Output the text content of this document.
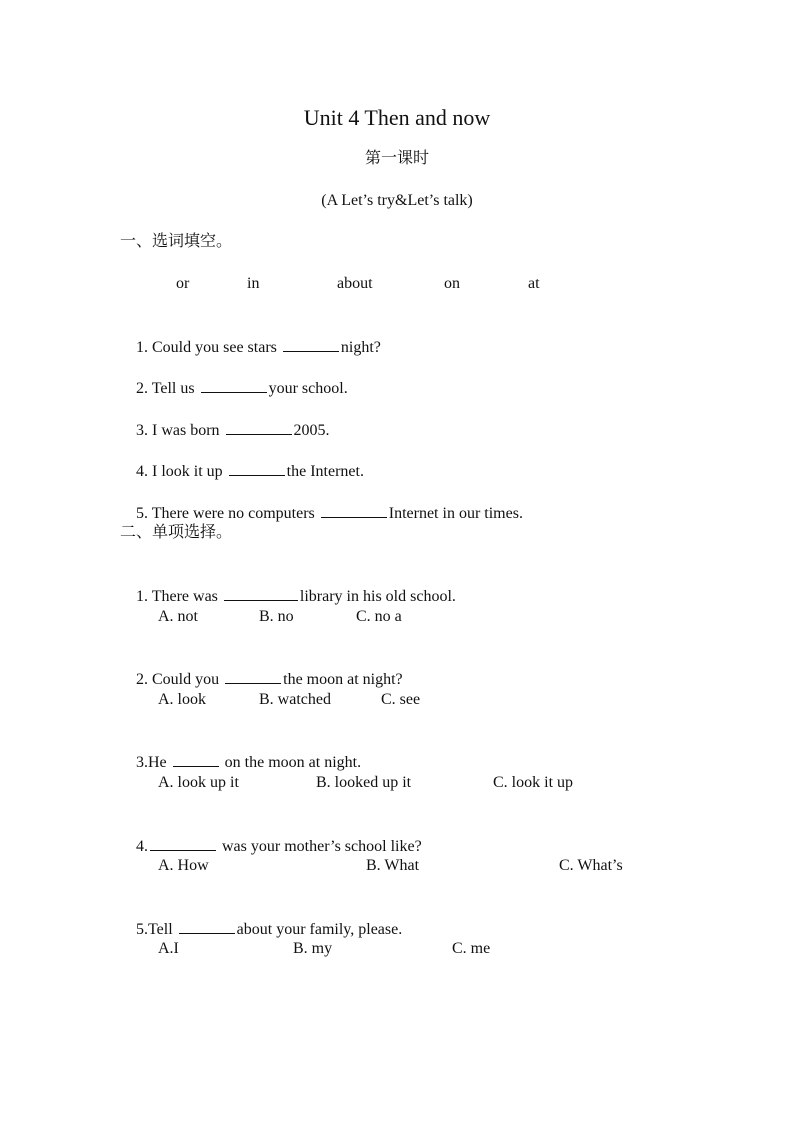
Unit 4 Then and now
第一课时
(A Let’s try&Let’s talk)
一、选词填空。
or	in	about	on	at

1. Could you see stars	night?

2. Tell us	your school.

3. I was born	2005.

4. I look it up	the Internet.

5. There were no computers	Internet in our times.

二、单项选择。

1. There was	library in his old school.

A. not	B. no	C. no a

2. Could you	the moon at night?

A. look	B. watched	C. see

3.He	on the moon at night.

A. look up it	B. looked up it	C. look it up

4.	was your mother’s school like?

A. How	B. What	C. What’s

5.Tell	about your family, please.

A.I	B. my	C. me
